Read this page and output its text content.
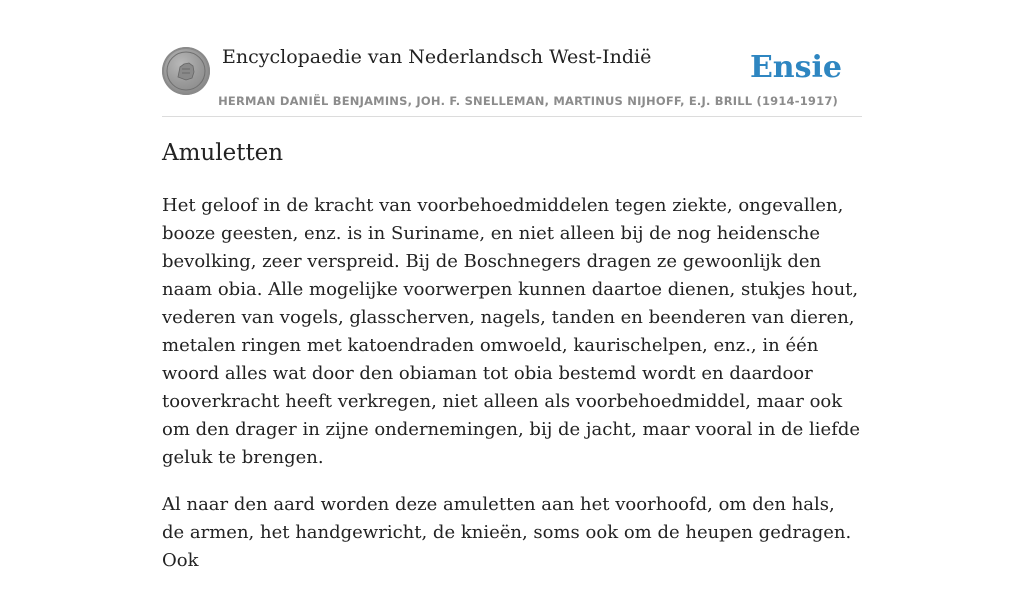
Encyclopaedie van Nederlandsch West-Indië	Ensie
HERMAN DANIËL BENJAMINS, JOH. F. SNELLEMAN, MARTINUS NIJHOFF, E.J. BRILL (1914-1917)
Amuletten

Het geloof in de kracht van voorbehoedmiddelen tegen ziekte, ongevallen, booze geesten, enz. is in Suriname, en niet alleen bij de nog heidensche bevolking, zeer verspreid. Bij de Boschnegers dragen ze gewoonlijk den naam obia. Alle mogelijke voorwerpen kunnen daartoe dienen, stukjes hout, vederen van vogels, glasscherven, nagels, tanden en beenderen van dieren, metalen ringen met katoendraden omwoeld, kaurischelpen, enz., in één woord alles wat door den obiaman tot obia bestemd wordt en daardoor tooverkracht heeft verkregen, niet alleen als voorbehoedmiddel, maar ook om den drager in zijne ondernemingen, bij de jacht, maar vooral in de liefde geluk te brengen.

Al naar den aard worden deze amuletten aan het voorhoofd, om den hals, de armen, het handgewricht, de knieën, soms ook om de heupen gedragen. Ook
